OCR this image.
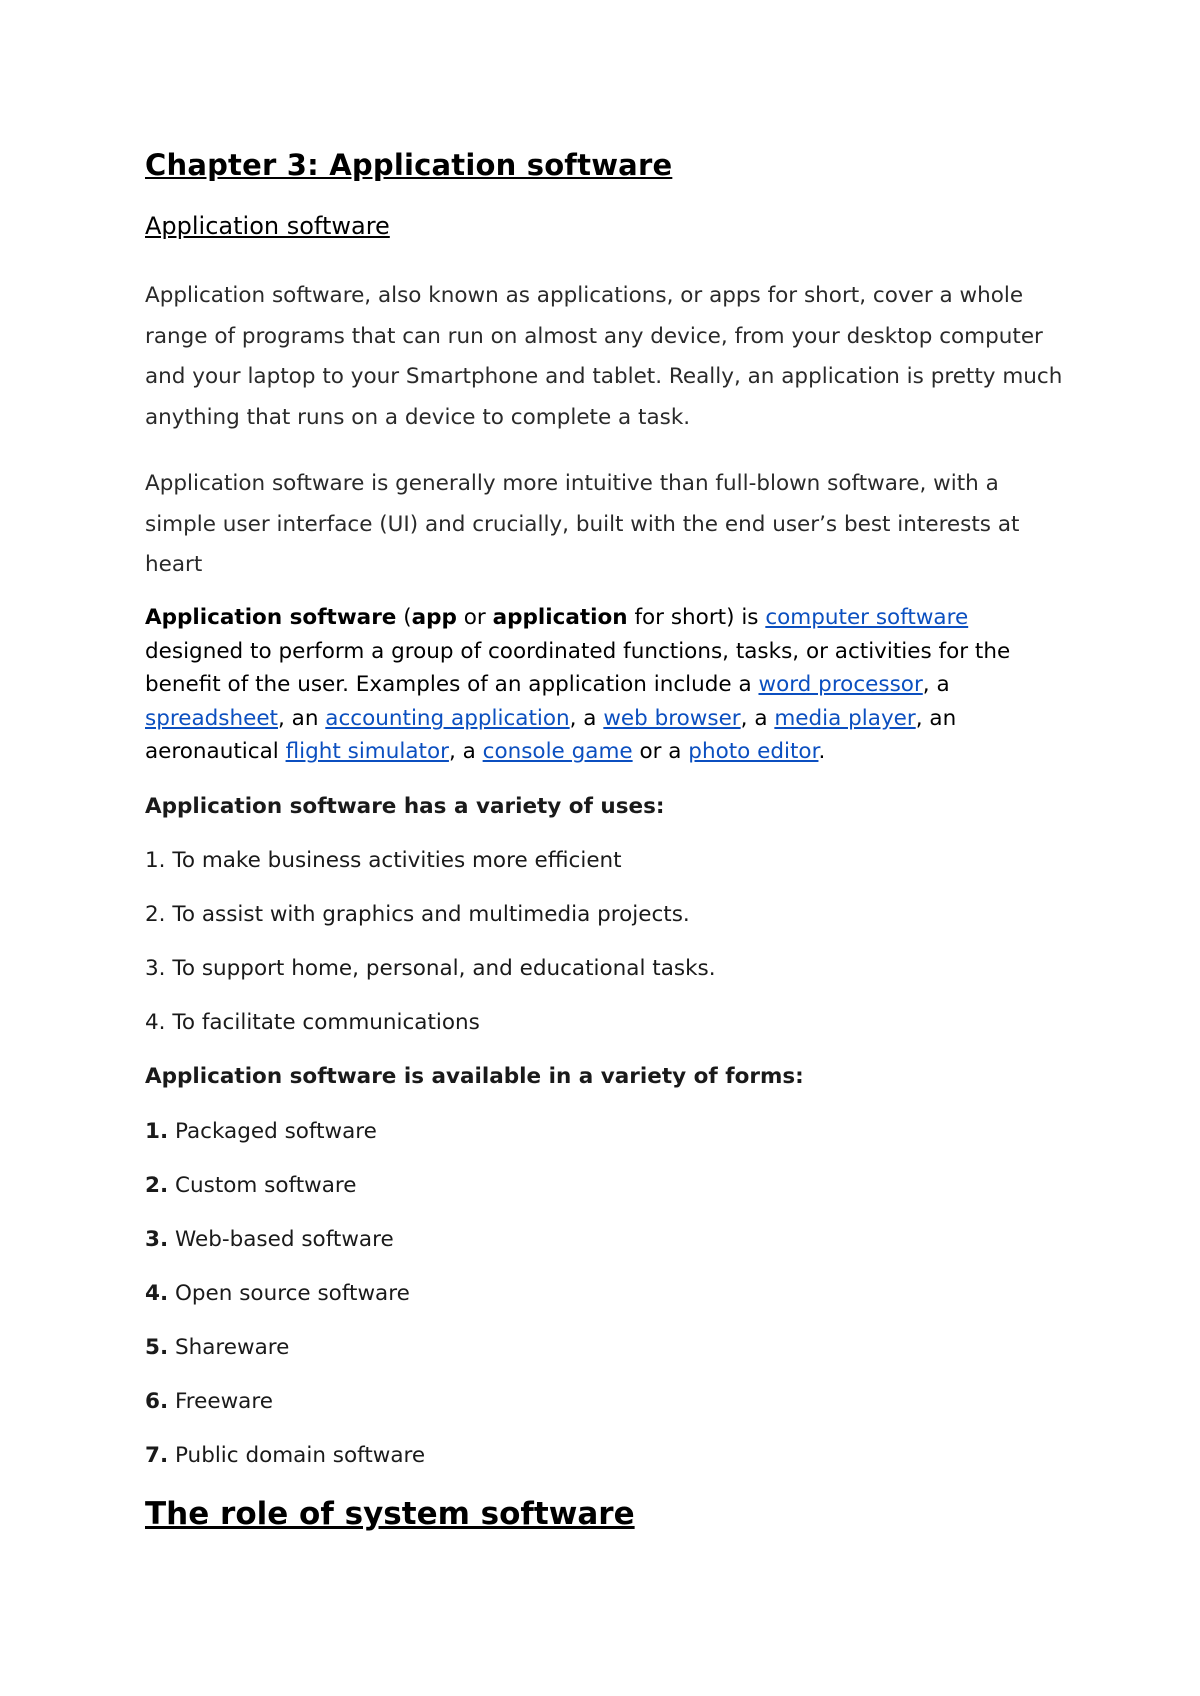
Chapter 3: Application software
Application software
Application software, also known as applications, or apps for short, cover a whole
range of programs that can run on almost any device, from your desktop computer
and your laptop to your Smartphone and tablet. Really, an application is pretty much
anything that runs on a device to complete a task.
Application software is generally more intuitive than full-blown software, with a
simple user interface (UI) and crucially, built with the end user’s best interests at
heart
Application software (app or application for short) is computer software
designed to perform a group of coordinated functions, tasks, or activities for the
benefit of the user. Examples of an application include a word processor, a
spreadsheet, an accounting application, a web browser, a media player, an
aeronautical flight simulator, a console game or a photo editor.
Application software has a variety of uses:
1. To make business activities more efficient
2. To assist with graphics and multimedia projects.
3. To support home, personal, and educational tasks.
4. To facilitate communications
Application software is available in a variety of forms:
1. Packaged software
2. Custom software
3. Web-based software
4. Open source software
5. Shareware
6. Freeware
7. Public domain software
The role of system software
